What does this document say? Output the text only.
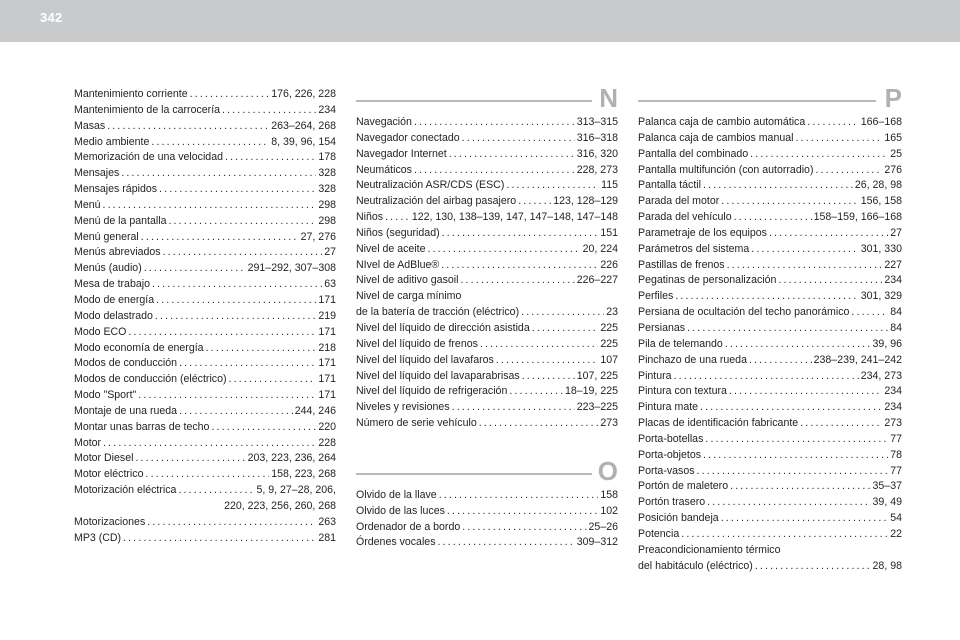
342
Mantenimiento corriente . . .	176, 226, 228
Mantenimiento de la carrocería . . .	234
Masas . . .	263–264, 268
Medio ambiente . . .	8, 39, 96, 154
Memorización de una velocidad . . .	178
Mensajes . . .	328
Mensajes rápidos . . .	328
Menú . . .	298
Menú de la pantalla . . .	298
Menú general . . .	27, 276
Menús abreviados . . .	27
Menús (audio) . . .	291–292, 307–308
Mesa de trabajo . . .	63
Modo de energía . . .	171
Modo delastrado . . .	219
Modo ECO . . .	171
Modo economía de energía . . .	218
Modos de conducción . . .	171
Modos de conducción (eléctrico) . . .	171
Modo "Sport" . . .	171
Montaje de una rueda . . .	244, 246
Montar unas barras de techo . . .	220
Motor . . .	228
Motor Diesel . . .	203, 223, 236, 264
Motor eléctrico . . .	158, 223, 268
Motorización eléctrica . . .	5, 9, 27–28, 206,
220, 223, 256, 260, 268
Motorizaciones . . .	263
MP3 (CD) . . .	281
N
Navegación . . .	313–315
Navegador conectado . . .	316–318
Navegador Internet . . .	316, 320
Neumáticos . . .	228, 273
Neutralización ASR/CDS (ESC) . . .	115
Neutralización del airbag pasajero . . .	123, 128–129
Niños . . .	122, 130, 138–139, 147, 147–148, 147–148
Niños (seguridad) . . .	151
Nivel de aceite . . .	20, 224
NIvel de AdBlue® . . .	226
Nivel de aditivo gasoil . . .	226–227
Nivel de carga mínimo
de la batería de tracción (eléctrico) . . .	23
Nivel del líquido de dirección asistida . . .	225
Nivel del líquido de frenos . . .	225
Nivel del líquido del lavafaros . . .	107
Nivel del líquido del lavaparabrisas . . .	107, 225
Nivel del líquido de refrigeración . . .	18–19, 225
Niveles y revisiones . . .	223–225
Número de serie vehículo . . .	273
O
Olvido de la llave . . .	158
Olvido de las luces . . .	102
Ordenador de a bordo . . .	25–26
Órdenes vocales . . .	309–312
P
Palanca caja de cambio automática . . .	166–168
Palanca caja de cambios manual . . .	165
Pantalla del combinado . . .	25
Pantalla multifunción (con autorradio) . . .	276
Pantalla táctil . . .	26, 28, 98
Parada del motor . . .	156, 158
Parada del vehículo . . .	158–159, 166–168
Parametraje de los equipos . . .	27
Parámetros del sistema . . .	301, 330
Pastillas de frenos . . .	227
Pegatinas de personalización . . .	234
Perfiles . . .	301, 329
Persiana de ocultación del techo panorámico . . .	84
Persianas . . .	84
Pila de telemando . . .	39, 96
Pinchazo de una rueda . . .	238–239, 241–242
Pintura . . .	234, 273
Pintura con textura . . .	234
Pintura mate . . .	234
Placas de identificación fabricante . . .	273
Porta-botellas . . .	77
Porta-objetos . . .	78
Porta-vasos . . .	77
Portón de maletero . . .	35–37
Portón trasero . . .	39, 49
Posición bandeja . . .	54
Potencia . . .	22
Preacondicionamiento térmico
del habitáculo (eléctrico) . . .	28, 98
